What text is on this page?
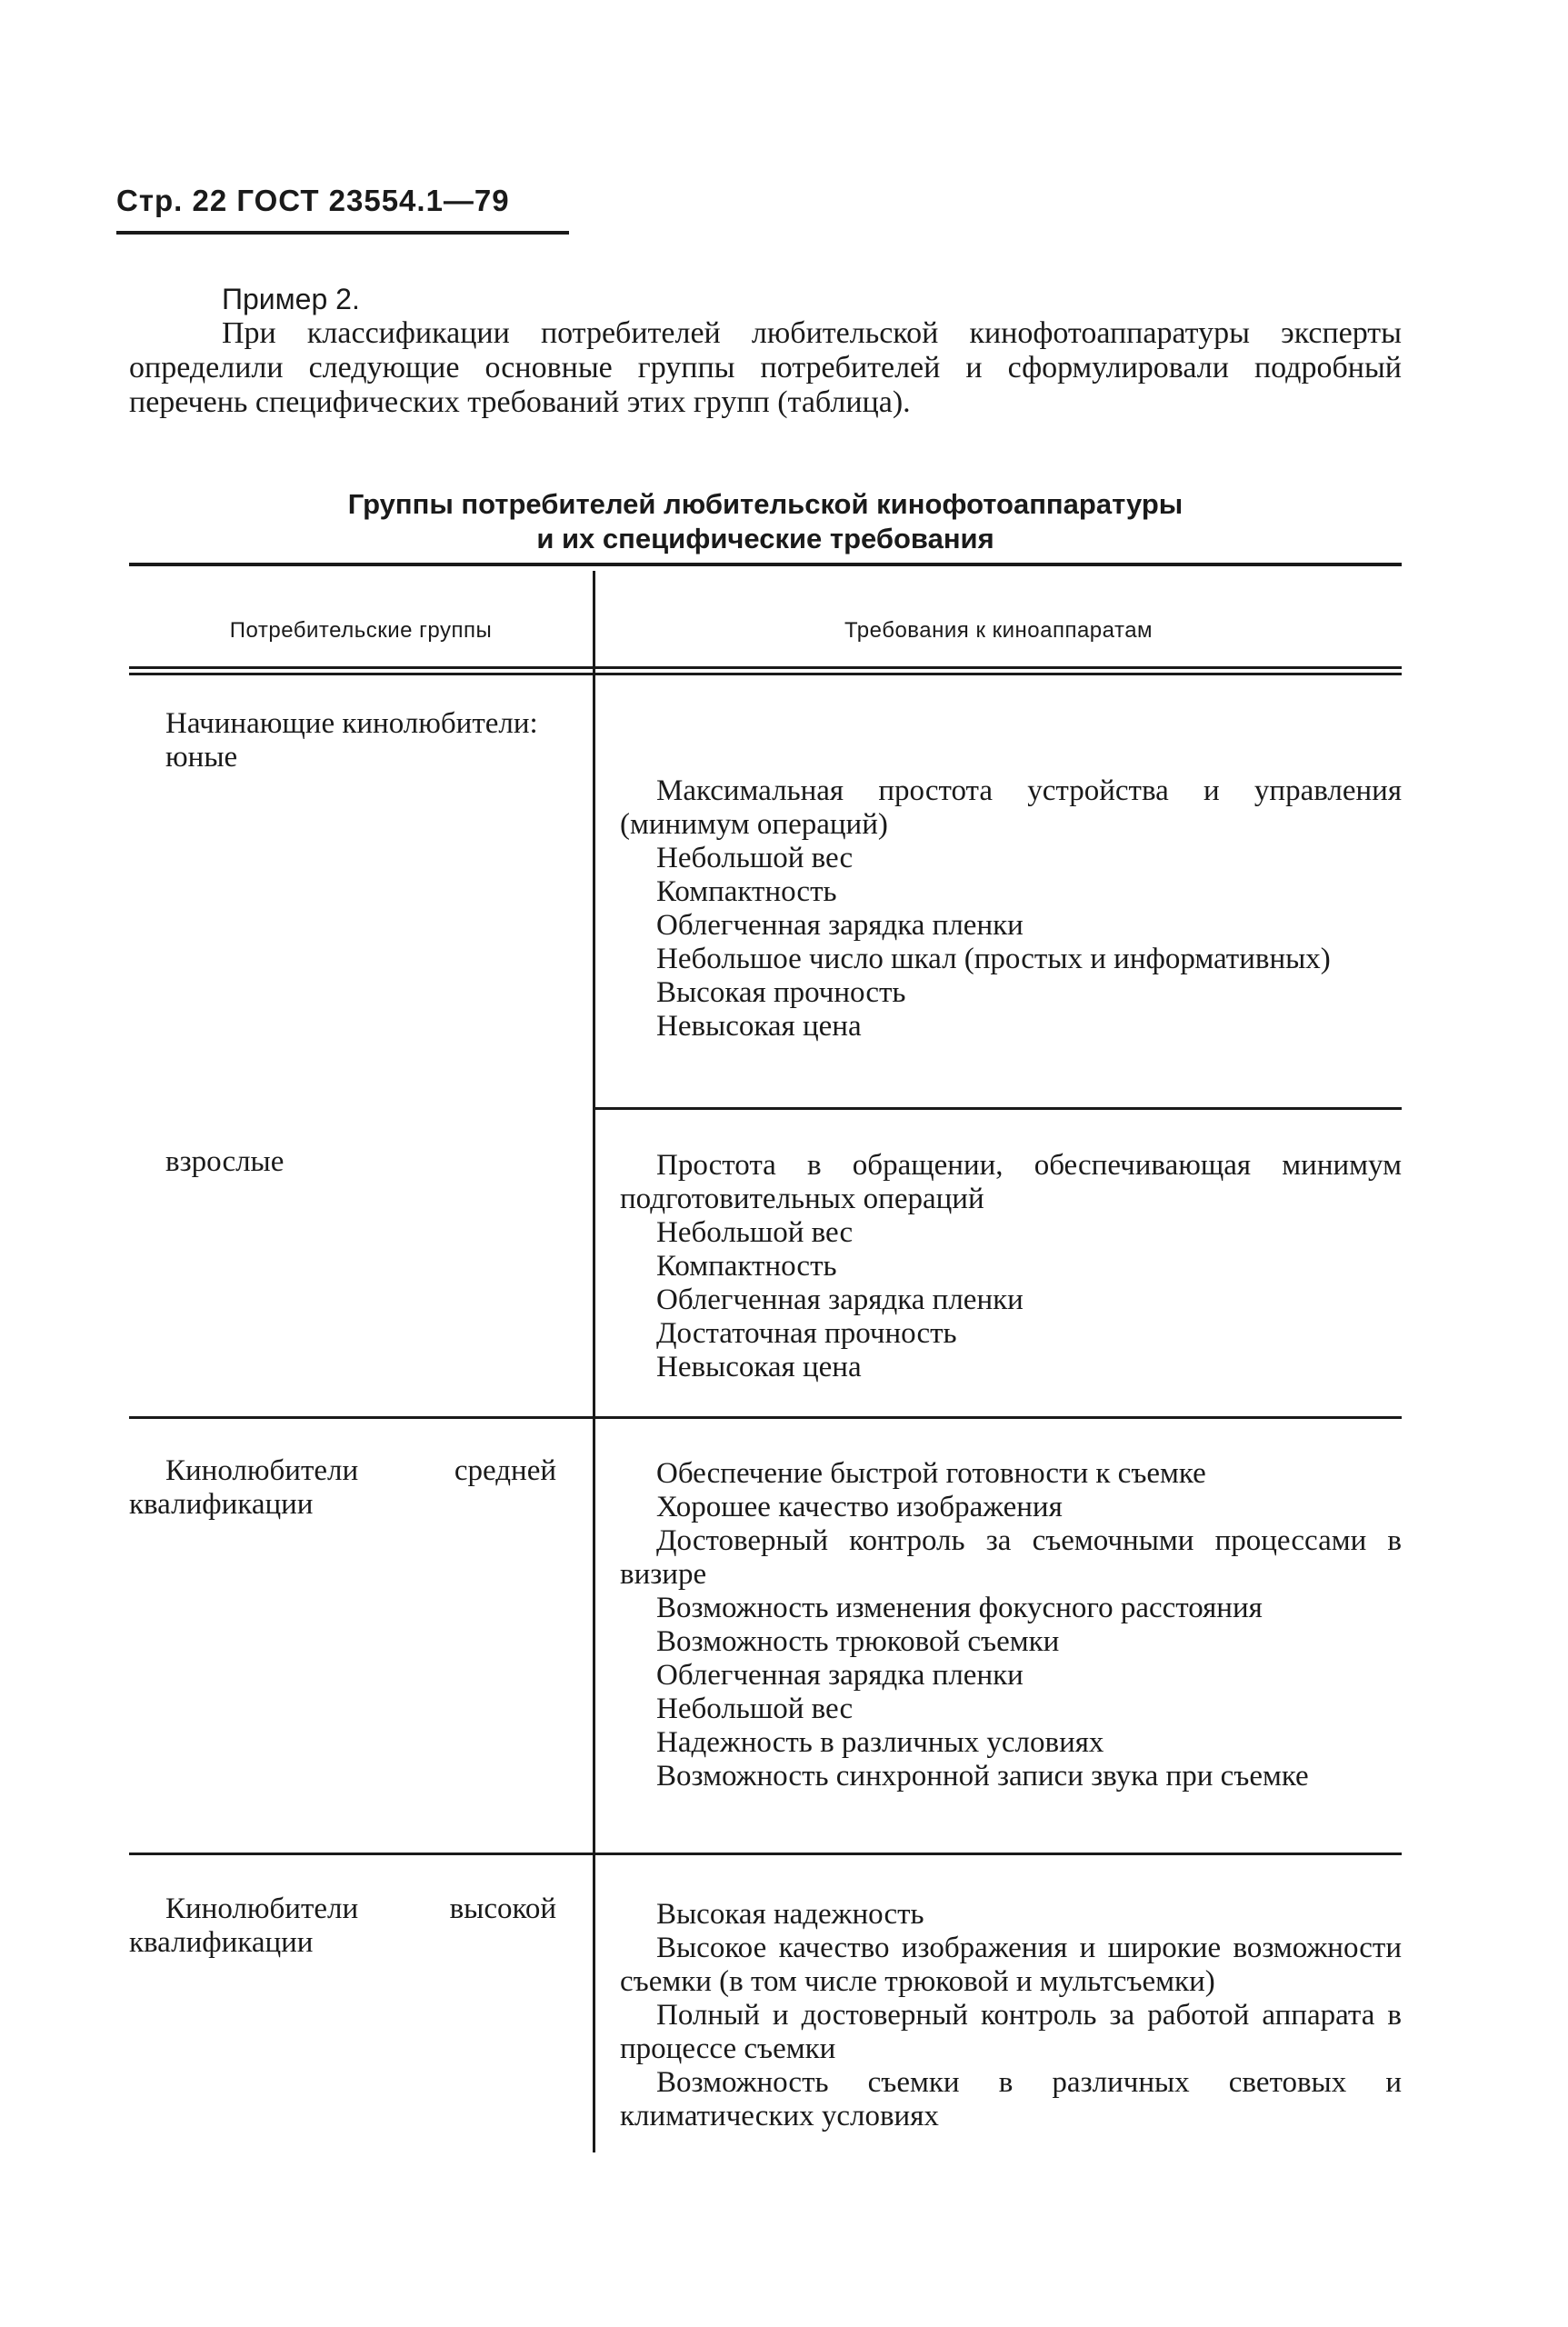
Стр. 22 ГОСТ 23554.1—79
Пример 2.
При классификации потребителей любительской кинофотоаппаратуры эксперты определили следующие основные группы потребителей и сформулировали подробный перечень специфических требований этих групп (таблица).
Группы потребителей любительской кинофотоаппаратуры
и их специфические требования
Потребительские группы	Требования к киноаппаратам
Начинающие кинолюбители:
юные
Максимальная простота устройства и управления (минимум операций)
Небольшой вес
Компактность
Облегченная зарядка пленки
Небольшое число шкал (простых и информативных)
Высокая прочность
Невысокая цена
взрослые	Простота в обращении, обеспечивающая минимум подготовительных операций
Небольшой вес
Компактность
Облегченная зарядка пленки
Достаточная прочность
Невысокая цена
Кинолюбители средней квалификации
Обеспечение быстрой готовности к съемке
Хорошее качество изображения
Достоверный контроль за съемочными процессами в визире
Возможность изменения фокусного расстояния
Возможность трюковой съемки
Облегченная зарядка пленки
Небольшой вес
Надежность в различных условиях
Возможность синхронной записи звука при съемке
Кинолюбители высокой квалификации
Высокая надежность
Высокое качество изображения и широкие возможности съемки (в том числе трюковой и мультсъемки)
Полный и достоверный контроль за работой аппарата в процессе съемки
Возможность съемки в различных световых и климатических условиях
